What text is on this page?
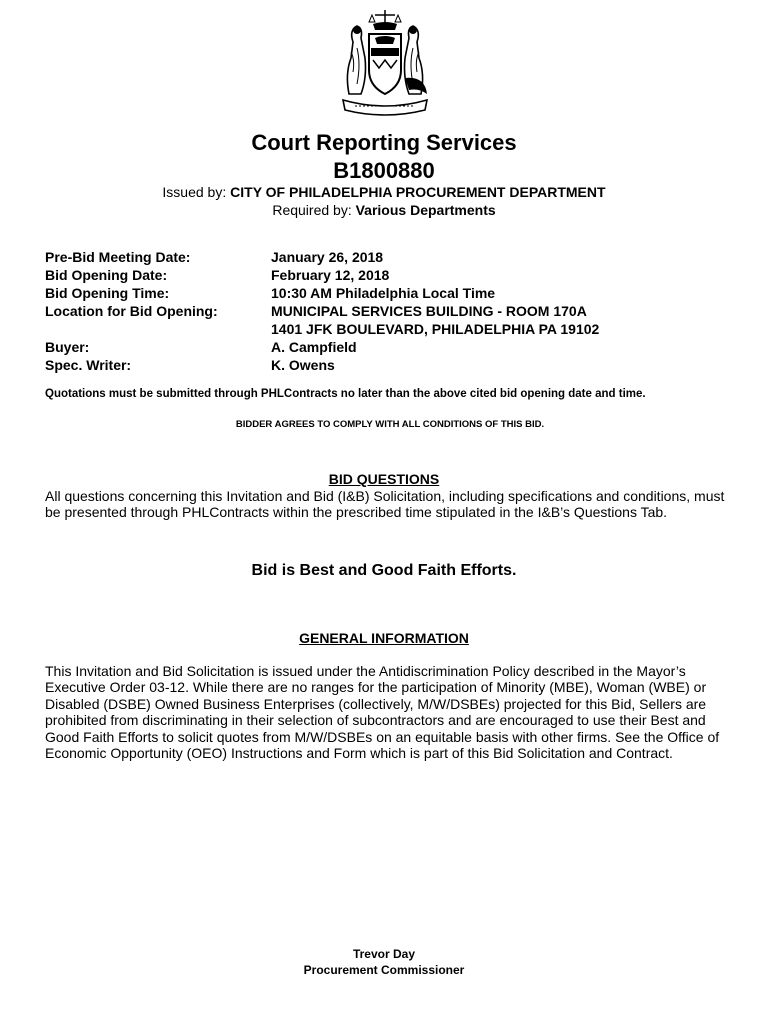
Court Reporting Services
B1800880
Issued by: CITY OF PHILADELPHIA PROCUREMENT DEPARTMENT
Required by: Various Departments
Pre-Bid Meeting Date:	January 26, 2018
Bid Opening Date:	February 12, 2018
Bid Opening Time:	10:30 AM Philadelphia Local Time
Location for Bid Opening:	MUNICIPAL SERVICES BUILDING - ROOM 170A
1401 JFK BOULEVARD, PHILADELPHIA PA 19102
Buyer:	A. Campfield
Spec. Writer:	K. Owens
Quotations must be submitted through PHLContracts no later than the above cited bid opening date and time.
BIDDER AGREES TO COMPLY WITH ALL CONDITIONS OF THIS BID.
BID QUESTIONS
All questions concerning this Invitation and Bid (I&B) Solicitation, including specifications and conditions, must be presented through PHLContracts within the prescribed time stipulated in the I&B’s Questions Tab.
Bid is Best and Good Faith Efforts.
GENERAL INFORMATION
This Invitation and Bid Solicitation is issued under the Antidiscrimination Policy described in the Mayor’s Executive Order 03-12. While there are no ranges for the participation of Minority (MBE), Woman (WBE) or Disabled (DSBE) Owned Business Enterprises (collectively, M/W/DSBEs) projected for this Bid, Sellers are prohibited from discriminating in their selection of subcontractors and are encouraged to use their Best and Good Faith Efforts to solicit quotes from M/W/DSBEs on an equitable basis with other firms. See the Office of Economic Opportunity (OEO) Instructions and Form which is part of this Bid Solicitation and Contract.
Trevor Day
Procurement Commissioner
